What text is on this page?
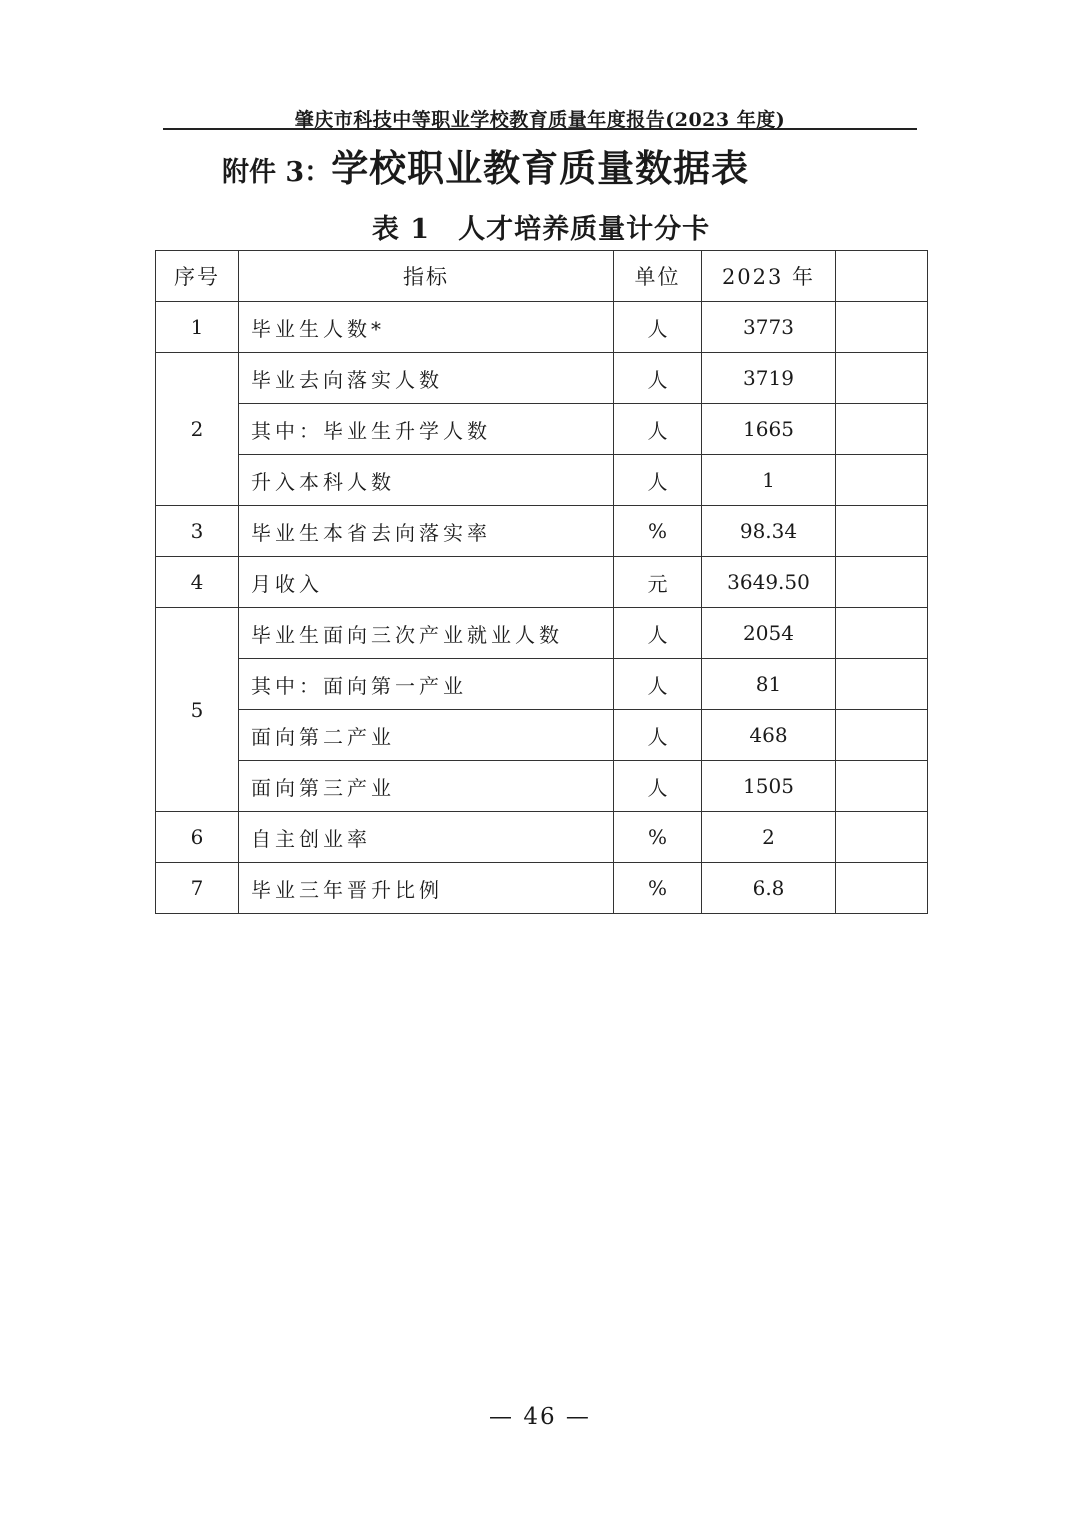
肇庆市科技中等职业学校教育质量年度报告(2023 年度)
附件 3：学校职业教育质量数据表
表 1 人才培养质量计分卡
序号	指标	单位	2023 年	
1	毕业生人数*	人	3773	
2	毕业去向落实人数	人	3719	
	其中：毕业生升学人数	人	1665	
	升入本科人数	人	1	
3	毕业生本省去向落实率	%	98.34	
4	月收入	元	3649.50	
5	毕业生面向三次产业就业人数	人	2054	
	其中：面向第一产业	人	81	
	面向第二产业	人	468	
	面向第三产业	人	1505	
6	自主创业率	%	2	
7	毕业三年晋升比例	%	6.8	
— 46 —
